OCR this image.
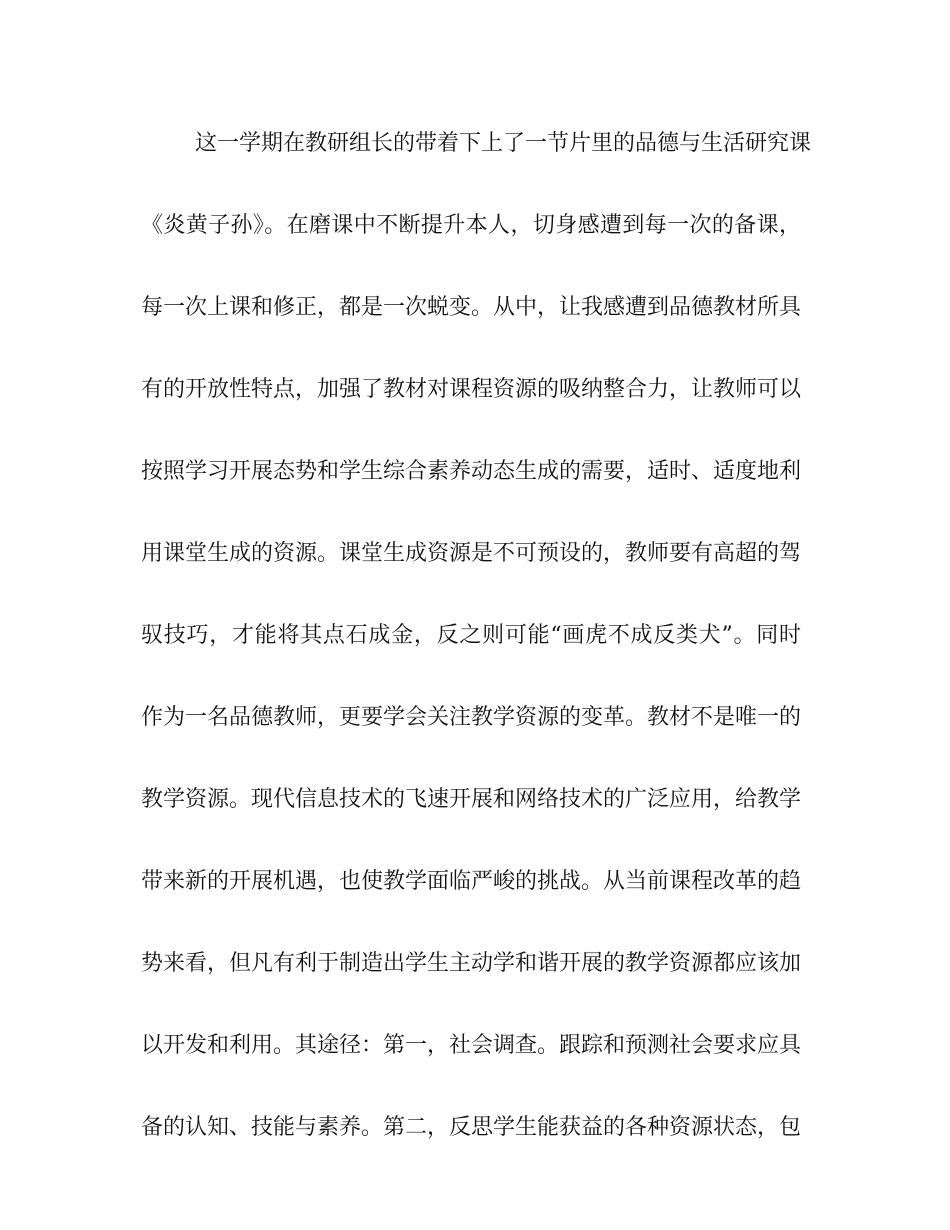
这一学期在教研组长的带着下上了一节片里的品德与生活研究课
《炎黄子孙》。在磨课中不断提升本人，切身感遭到每一次的备课，
每一次上课和修正，都是一次蜕变。从中，让我感遭到品德教材所具
有的开放性特点，加强了教材对课程资源的吸纳整合力，让教师可以
按照学习开展态势和学生综合素养动态生成的需要，适时、适度地利
用课堂生成的资源。课堂生成资源是不可预设的，教师要有高超的驾
驭技巧，才能将其点石成金，反之则可能“画虎不成反类犬”。同时
作为一名品德教师，更要学会关注教学资源的变革。教材不是唯一的
教学资源。现代信息技术的飞速开展和网络技术的广泛应用，给教学
带来新的开展机遇，也使教学面临严峻的挑战。从当前课程改革的趋
势来看，但凡有利于制造出学生主动学和谐开展的教学资源都应该加
以开发和利用。其途径：第一，社会调查。跟踪和预测社会要求应具
备的认知、技能与素养。第二，反思学生能获益的各种资源状态，包
